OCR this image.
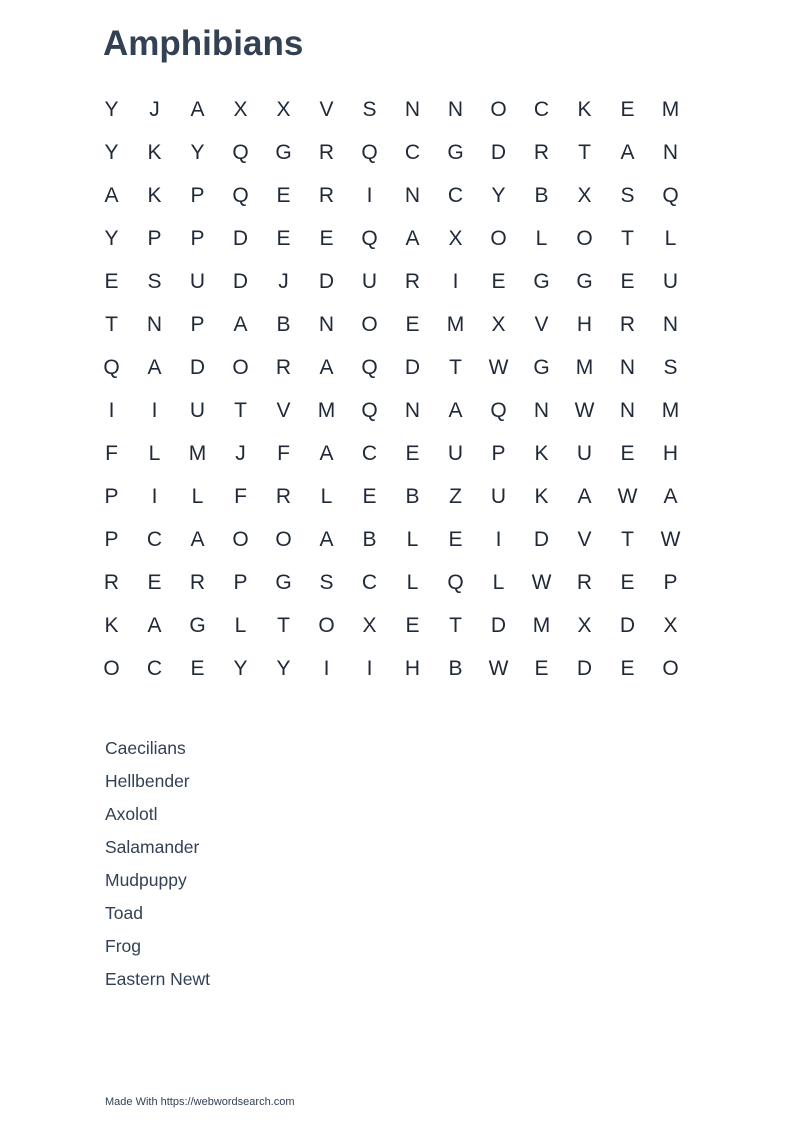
Amphibians
Y	J	A	X	X	V	S	N	N	O	C	K	E	M
Y	K	Y	Q	G	R	Q	C	G	D	R	T	A	N
A	K	P	Q	E	R	I	N	C	Y	B	X	S	Q
Y	P	P	D	E	E	Q	A	X	O	L	O	T	L
E	S	U	D	J	D	U	R	I	E	G	G	E	U
T	N	P	A	B	N	O	E	M	X	V	H	R	N
Q	A	D	O	R	A	Q	D	T	W	G	M	N	S
I	I	U	T	V	M	Q	N	A	Q	N	W	N	M
F	L	M	J	F	A	C	E	U	P	K	U	E	H
P	I	L	F	R	L	E	B	Z	U	K	A	W	A
P	C	A	O	O	A	B	L	E	I	D	V	T	W
R	E	R	P	G	S	C	L	Q	L	W	R	E	P
K	A	G	L	T	O	X	E	T	D	M	X	D	X
O	C	E	Y	Y	I	I	H	B	W	E	D	E	O
Caecilians
Hellbender
Axolotl
Salamander
Mudpuppy
Toad
Frog
Eastern Newt
Made With https://webwordsearch.com
